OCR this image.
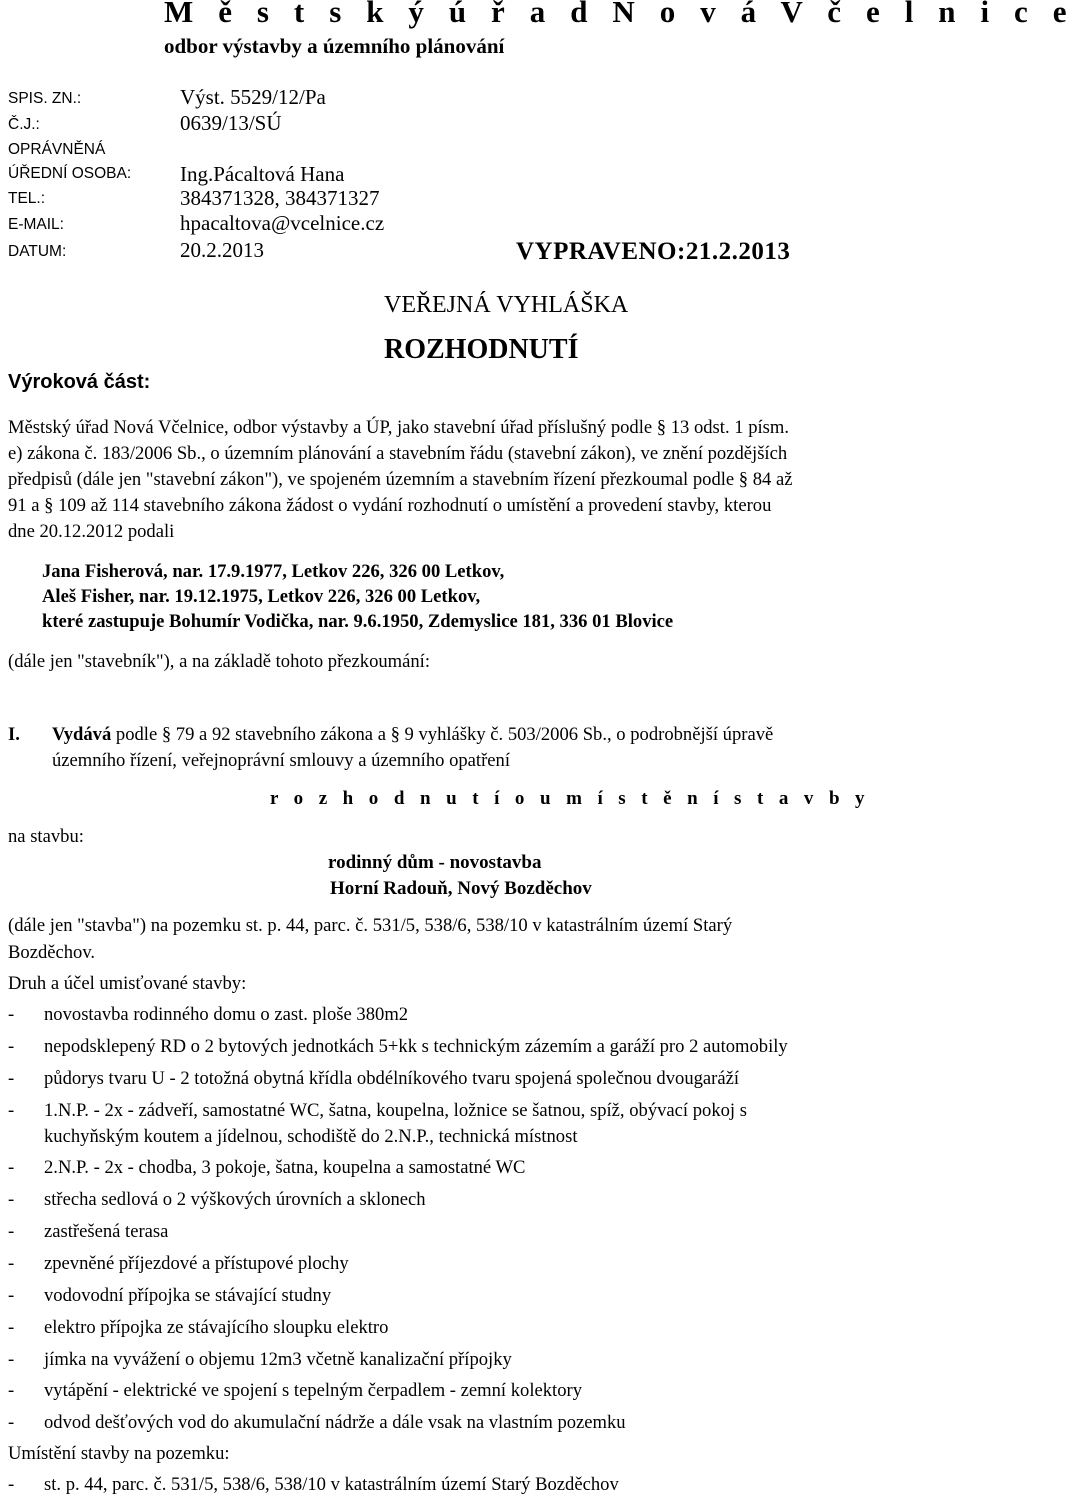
M ě s t s k ý ú ř a d N o v á V č e l n i c e
odbor výstavby a územního plánování
SPIS. ZN.:	Výst. 5529/12/Pa
Č.J.:	0639/13/SÚ
OPRÁVNĚNÁ
ÚŘEDNÍ OSOBA: Ing.Pácaltová Hana
TEL.:	384371328, 384371327
E-MAIL:	hpacaltova@vcelnice.cz
DATUM:	20.2.2013	VYPRAVENO:21.2.2013
VEŘEJNÁ VYHLÁŠKA
ROZHODNUTÍ
Výroková část:
Městský úřad Nová Včelnice, odbor výstavby a ÚP, jako stavební úřad příslušný podle § 13 odst. 1 písm.
e) zákona č. 183/2006 Sb., o územním plánování a stavebním řádu (stavební zákon), ve znění pozdějších
předpisů (dále jen "stavební zákon"), ve spojeném územním a stavebním řízení přezkoumal podle § 84 až
91 a § 109 až 114 stavebního zákona žádost o vydání rozhodnutí o umístění a provedení stavby, kterou
dne 20.12.2012 podali
Jana Fisherová, nar. 17.9.1977, Letkov 226, 326 00 Letkov,
Aleš Fisher, nar. 19.12.1975, Letkov 226, 326 00 Letkov,
které zastupuje Bohumír Vodička, nar. 9.6.1950, Zdemyslice 181, 336 01 Blovice
(dále jen "stavebník"), a na základě tohoto přezkoumání:
I. Vydává podle § 79 a 92 stavebního zákona a § 9 vyhlášky č. 503/2006 Sb., o podrobnější úpravě
územního řízení, veřejnoprávní smlouvy a územního opatření
r o z h o d n u t í o u m í s t ě n í s t a v b y
na stavbu:
rodinný dům - novostavba
Horní Radouň, Nový Bozděchov
(dále jen "stavba") na pozemku st. p. 44, parc. č. 531/5, 538/6, 538/10 v katastrálním území Starý
Bozděchov.
Druh a účel umisťované stavby:
- novostavba rodinného domu o zast. ploše 380m2
- nepodsklepený RD o 2 bytových jednotkách 5+kk s technickým zázemím a garáží pro 2 automobily
- půdorys tvaru U - 2 totožná obytná křídla obdélníkového tvaru spojená společnou dvougaráží
- 1.N.P. - 2x - zádveří, samostatné WC, šatna, koupelna, ložnice se šatnou, spíž, obývací pokoj s
kuchyňským koutem a jídelnou, schodiště do 2.N.P., technická místnost
- 2.N.P. - 2x - chodba, 3 pokoje, šatna, koupelna a samostatné WC
- střecha sedlová o 2 výškových úrovních a sklonech
- zastřešená terasa
- zpevněné příjezdové a přístupové plochy
- vodovodní přípojka se stávající studny
- elektro přípojka ze stávajícího sloupku elektro
- jímka na vyvážení o objemu 12m3 včetně kanalizační přípojky
- vytápění - elektrické ve spojení s tepelným čerpadlem - zemní kolektory
- odvod dešťových vod do akumulační nádrže a dále vsak na vlastním pozemku
Umístění stavby na pozemku:
- st. p. 44, parc. č. 531/5, 538/6, 538/10 v katastrálním území Starý Bozděchov
